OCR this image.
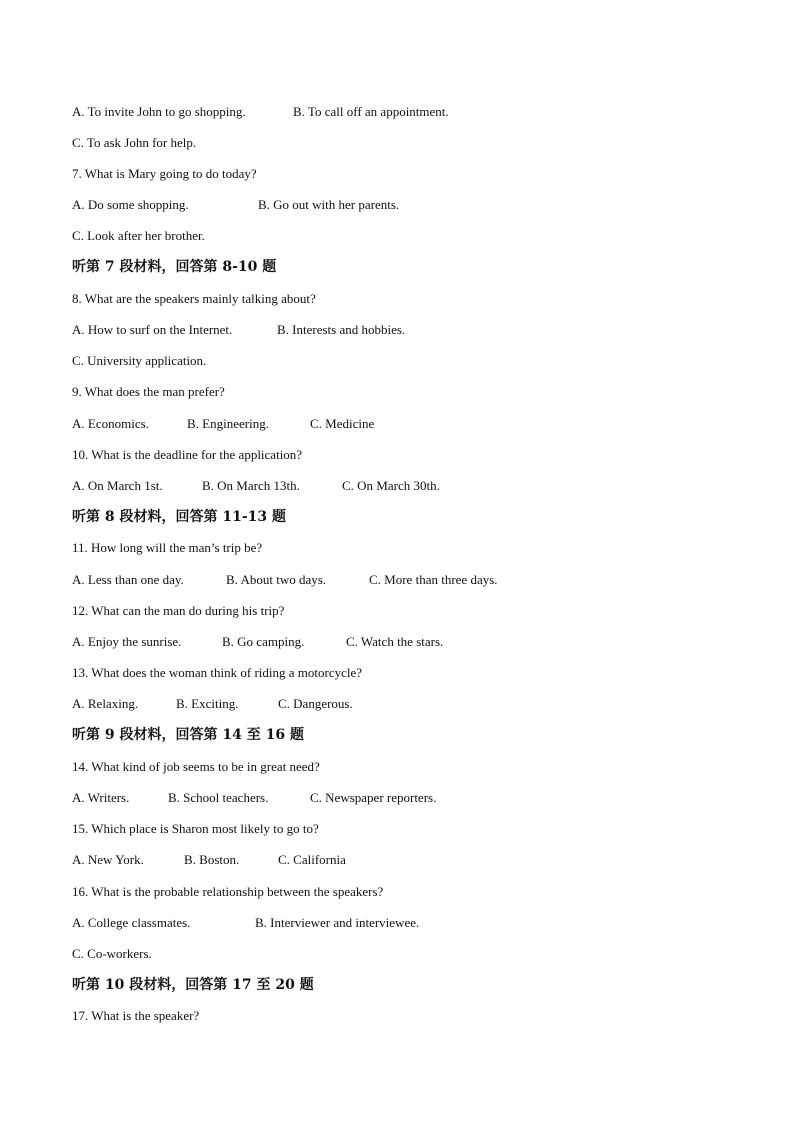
A. To invite John to go shopping.	B. To call off an appointment.
C. To ask John for help.
7. What is Mary going to do today?
A. Do some shopping.	B. Go out with her parents.
C. Look after her brother.
听第 7 段材料，回答第 8-10 题
8. What are the speakers mainly talking about?
A. How to surf on the Internet.	B. Interests and hobbies.
C. University application.
9. What does the man prefer?
A. Economics.	B. Engineering.	C. Medicine
10. What is the deadline for the application?
A. On March 1st.	B. On March 13th.	C. On March 30th.
听第 8 段材料，回答第 11-13 题
11. How long will the man’s trip be?
A. Less than one day.	B. About two days.	C. More than three days.
12. What can the man do during his trip?
A. Enjoy the sunrise.	B. Go camping.	C. Watch the stars.
13. What does the woman think of riding a motorcycle?
A. Relaxing.	B. Exciting.	C. Dangerous.
听第 9 段材料，回答第 14 至 16 题
14. What kind of job seems to be in great need?
A. Writers.	B. School teachers.	C. Newspaper reporters.
15. Which place is Sharon most likely to go to?
A. New York.	B. Boston.	C. California
16. What is the probable relationship between the speakers?
A. College classmates.	B. Interviewer and interviewee.
C. Co-workers.
听第 10 段材料，回答第 17 至 20 题
17. What is the speaker?
